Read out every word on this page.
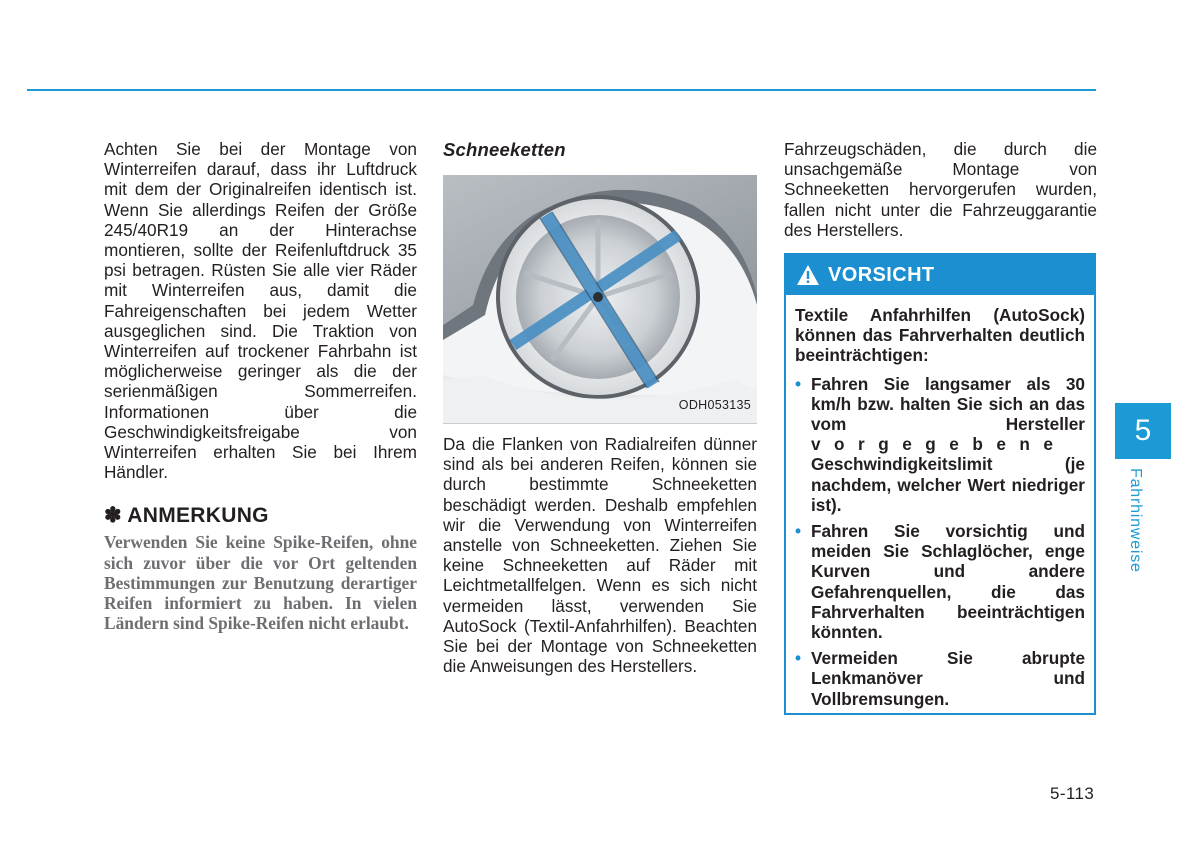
Achten Sie bei der Montage von Winterreifen darauf, dass ihr Luftdruck mit dem der Originalreifen identisch ist. Wenn Sie allerdings Reifen der Größe 245/40R19 an der Hinterachse montieren, sollte der Reifenluftdruck 35 psi betragen. Rüsten Sie alle vier Räder mit Winterreifen aus, damit die Fahreigenschaften bei jedem Wetter ausgeglichen sind. Die Traktion von Winterreifen auf trockener Fahrbahn ist möglicherweise geringer als die der serienmäßigen Sommerreifen. Informationen über die Geschwindigkeitsfreigabe von Winterreifen erhalten Sie bei Ihrem Händler.

✽ ANMERKUNG

Verwenden Sie keine Spike-Reifen, ohne sich zuvor über die vor Ort geltenden Bestimmungen zur Benutzung derartiger Reifen informiert zu haben. In vielen Ländern sind Spike-Reifen nicht erlaubt.

Schneeketten
ODH053135

Da die Flanken von Radialreifen dünner sind als bei anderen Reifen, können sie durch bestimmte Schneeketten beschädigt werden. Deshalb empfehlen wir die Verwendung von Winterreifen anstelle von Schneeketten. Ziehen Sie keine Schneeketten auf Räder mit Leichtmetallfelgen. Wenn es sich nicht vermeiden lässt, verwenden Sie AutoSock (Textil-Anfahrhilfen). Beachten Sie bei der Montage von Schneeketten die Anweisungen des Herstellers.

Fahrzeugschäden, die durch die unsachgemäße Montage von Schneeketten hervorgerufen wurden, fallen nicht unter die Fahrzeuggarantie des Herstellers.

VORSICHT

Textile Anfahrhilfen (AutoSock) können das Fahrverhalten deutlich beeinträchtigen:

• Fahren Sie langsamer als 30 km/h bzw. halten Sie sich an das vom Hersteller vorgegebene Geschwindigkeitslimit (je nachdem, welcher Wert niedriger ist).
• Fahren Sie vorsichtig und meiden Sie Schlaglöcher, enge Kurven und andere Gefahrenquellen, die das Fahrverhalten beeinträchtigen könnten.
• Vermeiden Sie abrupte Lenkmanöver und Vollbremsungen.
5
Fahrhinweise
5-113
